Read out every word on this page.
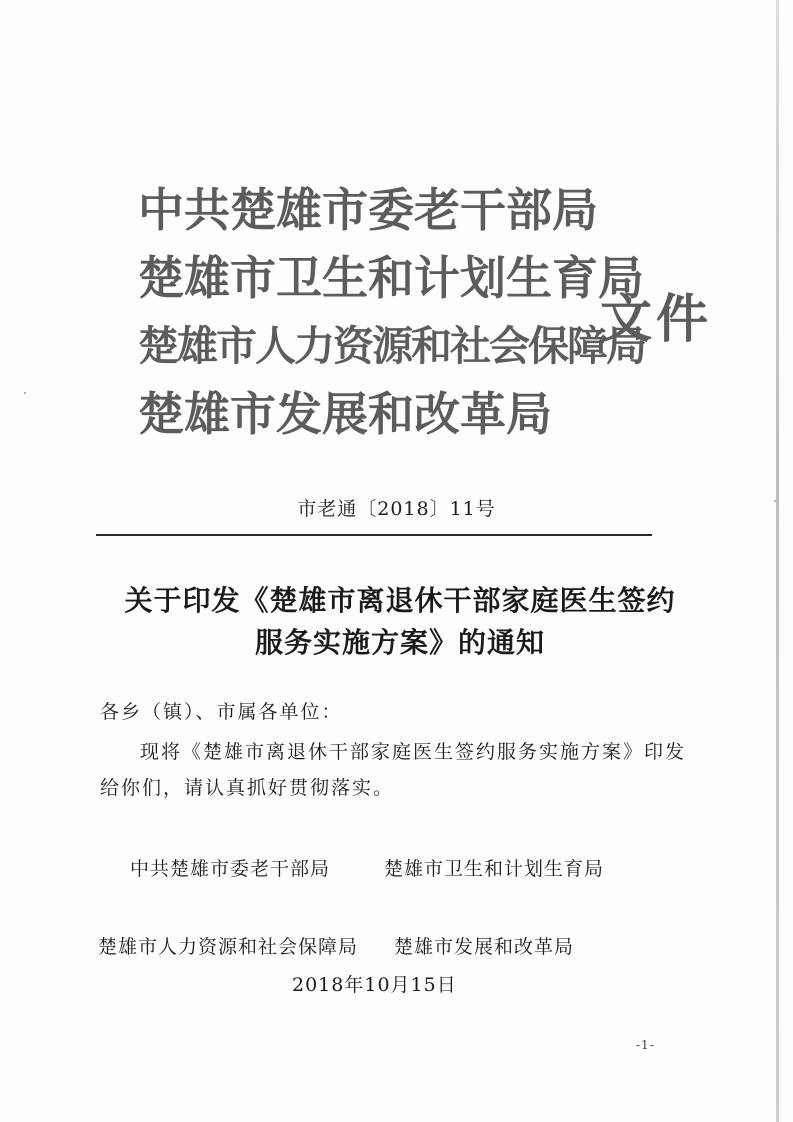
中共楚雄市委老干部局
楚雄市卫生和计划生育局
楚雄市人力资源和社会保障局
楚雄市发展和改革局
文件
市老通〔2018〕11号
关于印发《楚雄市离退休干部家庭医生签约
服务实施方案》的通知
各乡（镇）、市属各单位：
现将《楚雄市离退休干部家庭医生签约服务实施方案》印发
给你们，请认真抓好贯彻落实。
中共楚雄市委老干部局	楚雄市卫生和计划生育局
楚雄市人力资源和社会保障局 楚雄市发展和改革局
2018年10月15日
-1-
